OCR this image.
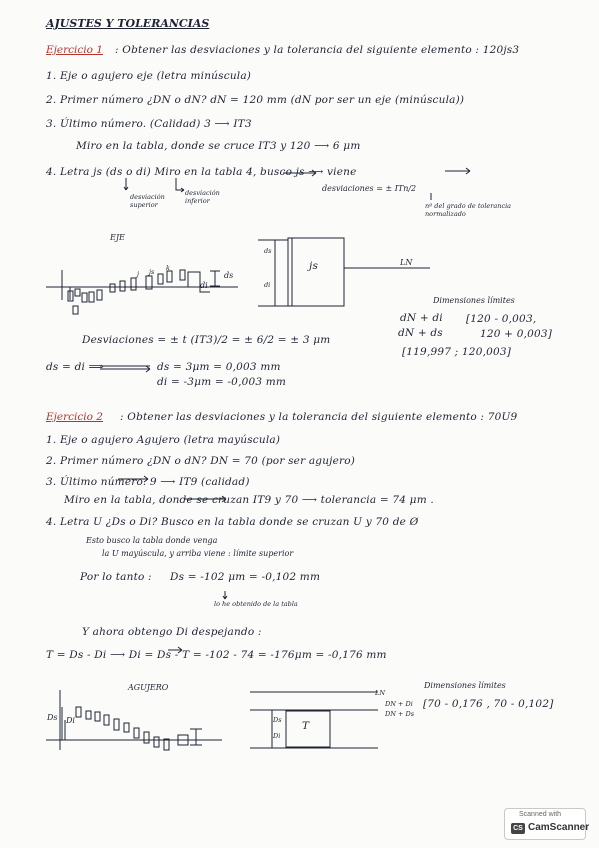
AJUSTES Y TOLERANCIAS
Ejercicio 1 : Obtener las desviaciones y la tolerancia del siguiente elemento : 120js3
1. Eje o agujero eje (letra minúscula)
2. Primer número ¿DN o dN? dN = 120 mm (dN por ser un eje (minúscula))
3. Último número. (Calidad) 3 ⟶ IT3
Miro en la tabla, donde se cruce IT3 y 120 ⟶ 6 μm
4. Letra js (ds o di) Miro en la tabla 4, busco js ⟶ viene
desviación superior
desviación inferior
desviaciones = ± ITn/2
nº del grado de tolerancia normalizado
EJE
js	LN
ds
di
j js k
Dimensiones límites
dN + di
dN + ds
[120 - 0,003,
120 + 0,003]
[119,997 ; 120,003]
Desviaciones = ± t (IT3)/2 = ± 6/2 = ± 3 μm
ds = di ⟹	ds = 3μm = 0,003 mm
di = -3μm = -0,003 mm
Ejercicio 2 : Obtener las desviaciones y la tolerancia del siguiente elemento : 70U9
1. Eje o agujero Agujero (letra mayúscula)
2. Primer número ¿DN o dN? DN = 70 (por ser agujero)
3. Último número. 9 ⟶ IT9 (calidad)
Miro en la tabla, donde se cruzan IT9 y 70 ⟶ tolerancia = 74 μm .
4. Letra U ¿Ds o Di? Busco en la tabla donde se cruzan U y 70 de Ø
Esto busco la tabla donde venga
la U mayúscula, y arriba viene : límite superior
Por lo tanto : Ds = -102 μm = -0,102 mm
lo he obtenido de la tabla
Y ahora obtengo Di despejando :
T = Ds - Di ⟶ Di = Ds - T = -102 - 74 = -176μm = -0,176 mm
AGUJERO
T
LN
Ds Di
Dimensiones límites
DN + Di
DN + Ds
[70 - 0,176 , 70 - 0,102]
Ds
Di
ds
di
Scanned with
CS CamScanner
